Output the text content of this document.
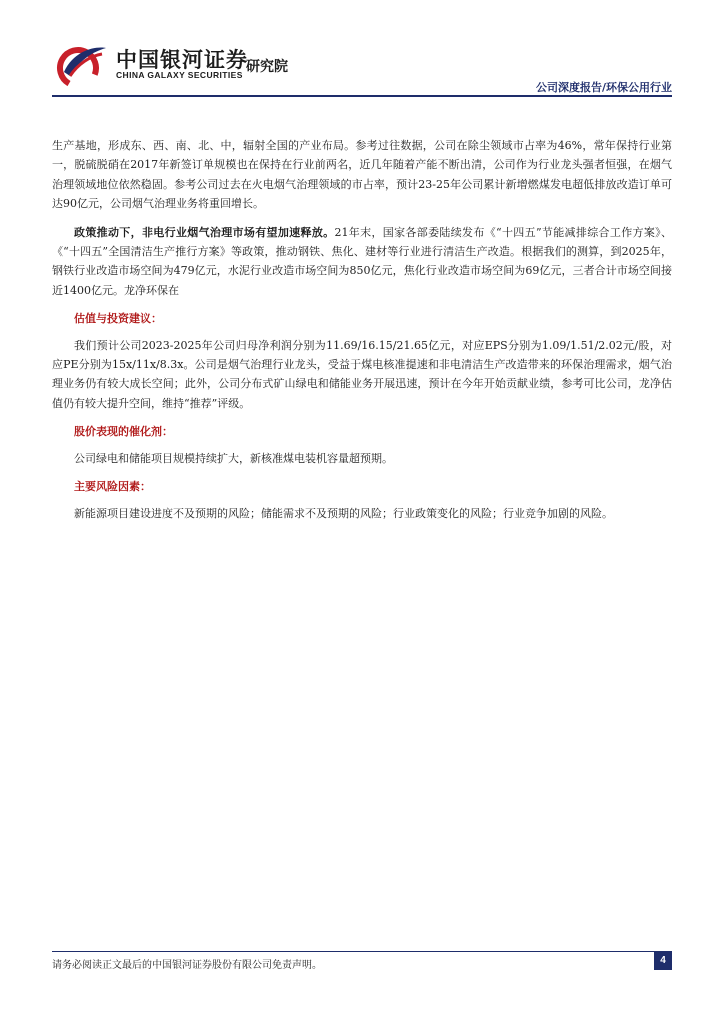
中国银河证券
CHINA GALAXY SECURITIES 研究院
公司深度报告/环保公用行业

生产基地，形成东、西、南、北、中，辐射全国的产业布局。参考过往数据，公司在除尘领域市占率为46%，常年保持行业第一，脱硫脱硝在2017年新签订单规模也在保持在行业前两名，近几年随着产能不断出清，公司作为行业龙头强者恒强，在烟气治理领域地位依然稳固。参考公司过去在火电烟气治理领域的市占率，预计23-25年公司累计新增燃煤发电超低排放改造订单可达90亿元，公司烟气治理业务将重回增长。

政策推动下，非电行业烟气治理市场有望加速释放。21年末，国家各部委陆续发布《“十四五”节能减排综合工作方案》、《“十四五”全国清洁生产推行方案》等政策，推动钢铁、焦化、建材等行业进行清洁生产改造。根据我们的测算，到2025年，钢铁行业改造市场空间为479亿元，水泥行业改造市场空间为850亿元，焦化行业改造市场空间为69亿元，三者合计市场空间接近1400亿元。龙净环保在

估值与投资建议：

我们预计公司2023-2025年公司归母净利润分别为11.69/16.15/21.65亿元，对应EPS分别为1.09/1.51/2.02元/股，对应PE分别为15x/11x/8.3x。公司是烟气治理行业龙头，受益于煤电核准提速和非电清洁生产改造带来的环保治理需求，烟气治理业务仍有较大成长空间；此外，公司分布式矿山绿电和储能业务开展迅速，预计在今年开始贡献业绩，参考可比公司，龙净估值仍有较大提升空间，维持“推荐”评级。

股价表现的催化剂：

公司绿电和储能项目规模持续扩大，新核准煤电装机容量超预期。

主要风险因素：

新能源项目建设进度不及预期的风险；储能需求不及预期的风险；行业政策变化的风险；行业竞争加剧的风险。

请务必阅读正文最后的中国银河证券股份有限公司免责声明。	4
